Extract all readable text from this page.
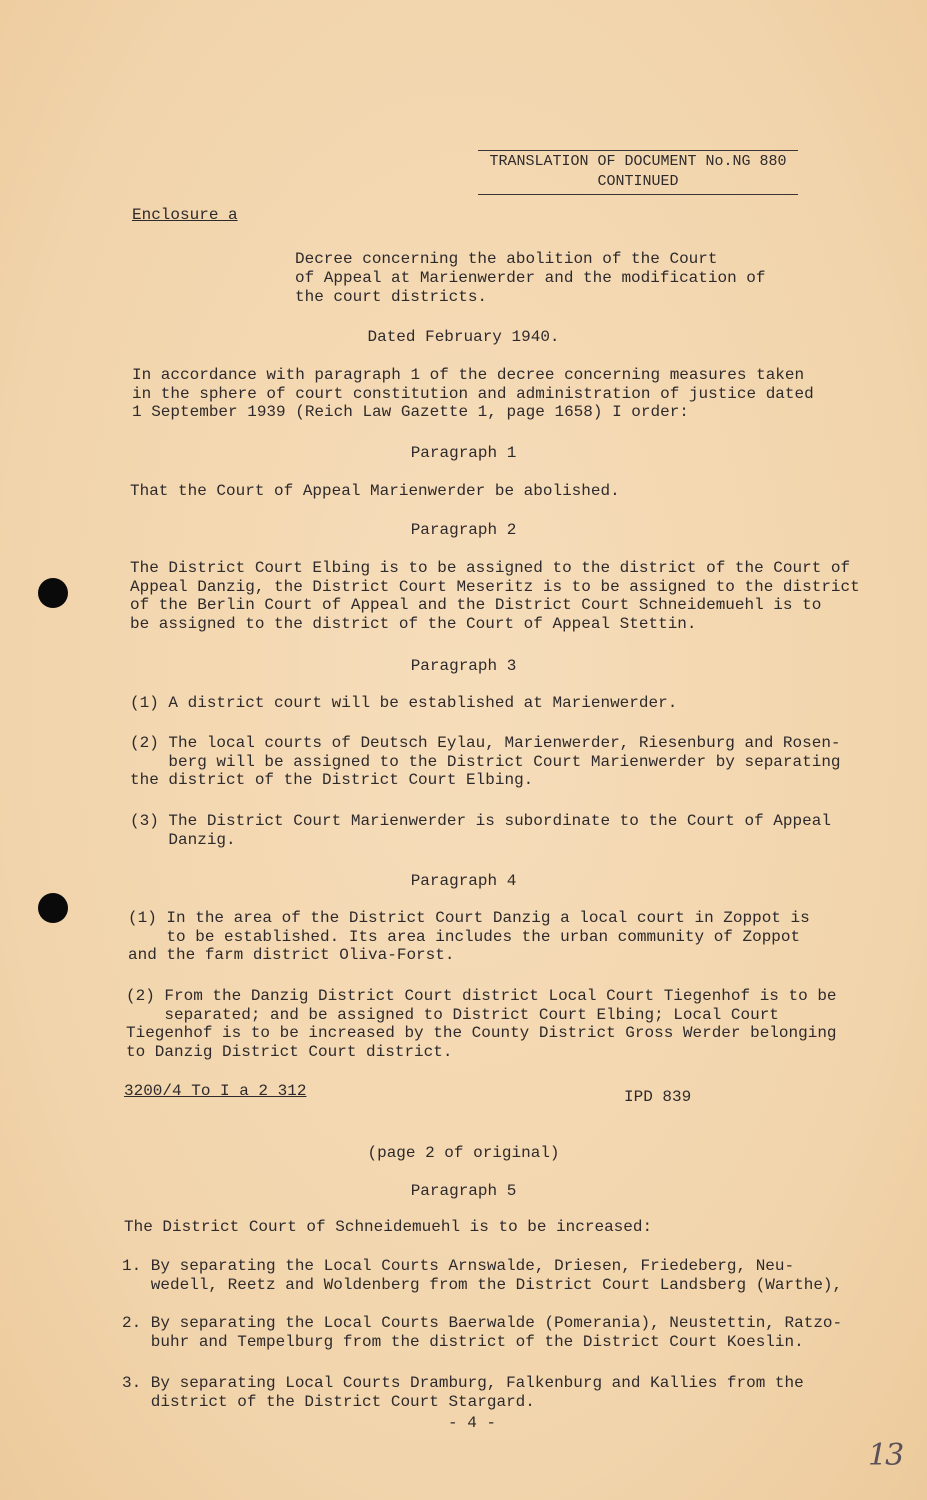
TRANSLATION OF DOCUMENT No.NG 880
CONTINUED
Enclosure a
Decree concerning the abolition of the Court
of Appeal at Marienwerder and the modification of
the court districts.
Dated February 1940.
In accordance with paragraph 1 of the decree concerning measures taken
in the sphere of court constitution and administration of justice dated
1 September 1939 (Reich Law Gazette 1, page 1658) I order:
Paragraph 1
That the Court of Appeal Marienwerder be abolished.
Paragraph 2
The District Court Elbing is to be assigned to the district of the Court of
Appeal Danzig, the District Court Meseritz is to be assigned to the district
of the Berlin Court of Appeal and the District Court Schneidemuehl is to
be assigned to the district of the Court of Appeal Stettin.
Paragraph 3
(1) A district court will be established at Marienwerder.
(2) The local courts of Deutsch Eylau, Marienwerder, Riesenburg and Rosen-
berg will be assigned to the District Court Marienwerder by separating
the district of the District Court Elbing.
(3) The District Court Marienwerder is subordinate to the Court of Appeal
Danzig.
Paragraph 4
(1) In the area of the District Court Danzig a local court in Zoppot is
to be established. Its area includes the urban community of Zoppot
and the farm district Oliva-Forst.
(2) From the Danzig District Court district Local Court Tiegenhof is to be
separated; and be assigned to District Court Elbing; Local Court
Tiegenhof is to be increased by the County District Gross Werder belonging
to Danzig District Court district.
3200/4 To I a 2 312	IPD 839
(page 2 of original)
Paragraph 5
The District Court of Schneidemuehl is to be increased:
1. By separating the Local Courts Arnswalde, Driesen, Friedeberg, Neu-
wedell, Reetz and Woldenberg from the District Court Landsberg (Warthe),
2. By separating the Local Courts Baerwalde (Pomerania), Neustettin, Ratzo-
buhr and Tempelburg from the district of the District Court Koeslin.
3. By separating Local Courts Dramburg, Falkenburg and Kallies from the
district of the District Court Stargard.
- 4 -
13
